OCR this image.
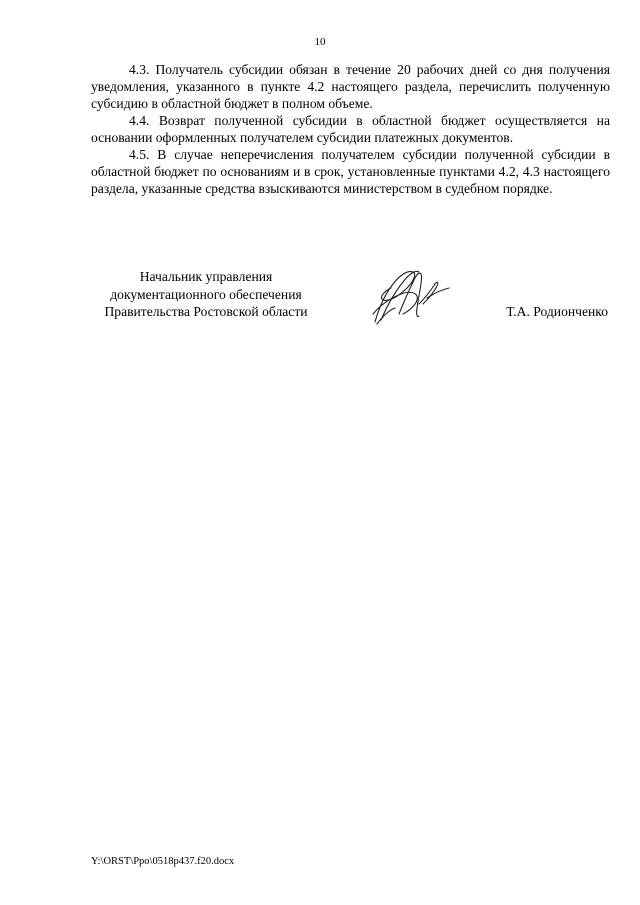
10

4.3. Получатель субсидии обязан в течение 20 рабочих дней со дня получения уведомления, указанного в пункте 4.2 настоящего раздела, перечислить полученную субсидию в областной бюджет в полном объеме.

4.4. Возврат полученной субсидии в областной бюджет осуществляется на основании оформленных получателем субсидии платежных документов.

4.5. В случае неперечисления получателем субсидии полученной субсидии в областной бюджет по основаниям и в срок, установленные пунктами 4.2, 4.3 настоящего раздела, указанные средства взыскиваются министерством в судебном порядке.

Начальник управления
документационного обеспечения
Правительства Ростовской области	Т.А. Родионченко
Y:\ORST\Ppo\0518p437.f20.docx
